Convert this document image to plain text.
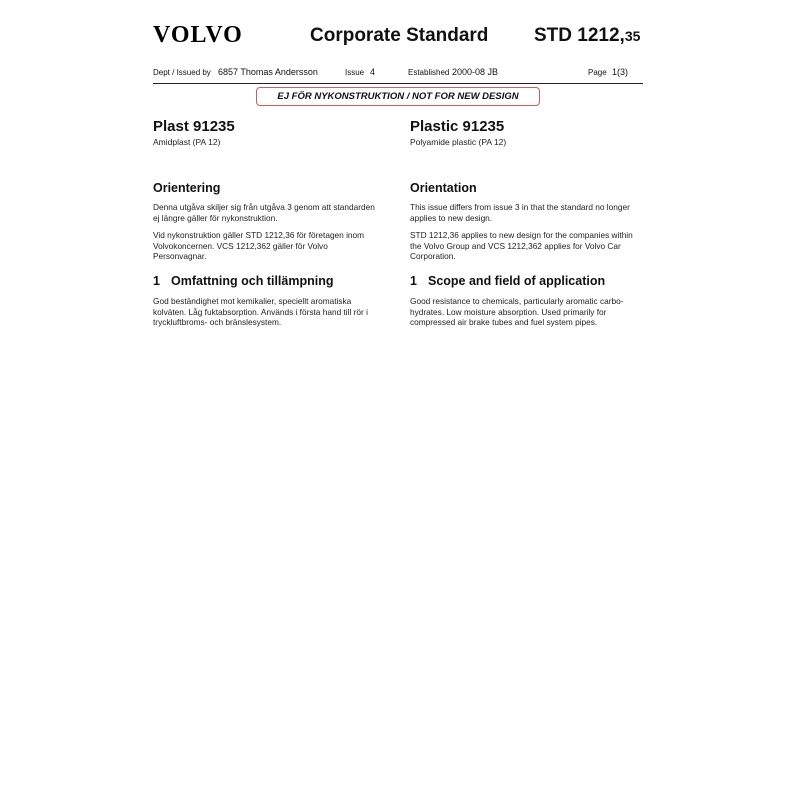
VOLVO	Corporate Standard STD 1212,35
Dept / Issued by 6857 Thomas Andersson	Issue 4	Established 2000-08 JB	Page 1(3)
EJ FÖR NYKONSTRUKTION / NOT FOR NEW DESIGN
Plast 91235
Amidplast (PA 12)
Orientering
Denna utgåva skiljer sig från utgåva 3 genom att standarden ej längre gäller för nykonstruktion.
Vid nykonstruktion gäller STD 1212,36 för företagen inom Volvokoncernen. VCS 1212,362 gäller för Volvo Personvagnar.
1 Omfattning och tillämpning
God beständighet mot kemikalier, speciellt aromatiska kolväten. Låg fuktabsorption. Används i första hand till rör i tryckluftbroms- och bränslesystem.
Plastic 91235
Polyamide plastic (PA 12)
Orientation
This issue differs from issue 3 in that the standard no longer applies to new design.
STD 1212,36 applies to new design for the companies within the Volvo Group and VCS 1212,362 applies for Volvo Car Corporation.
1 Scope and field of application
Good resistance to chemicals, particularly aromatic carbo-hydrates. Low moisture absorption. Used primarily for compressed air brake tubes and fuel system pipes.
